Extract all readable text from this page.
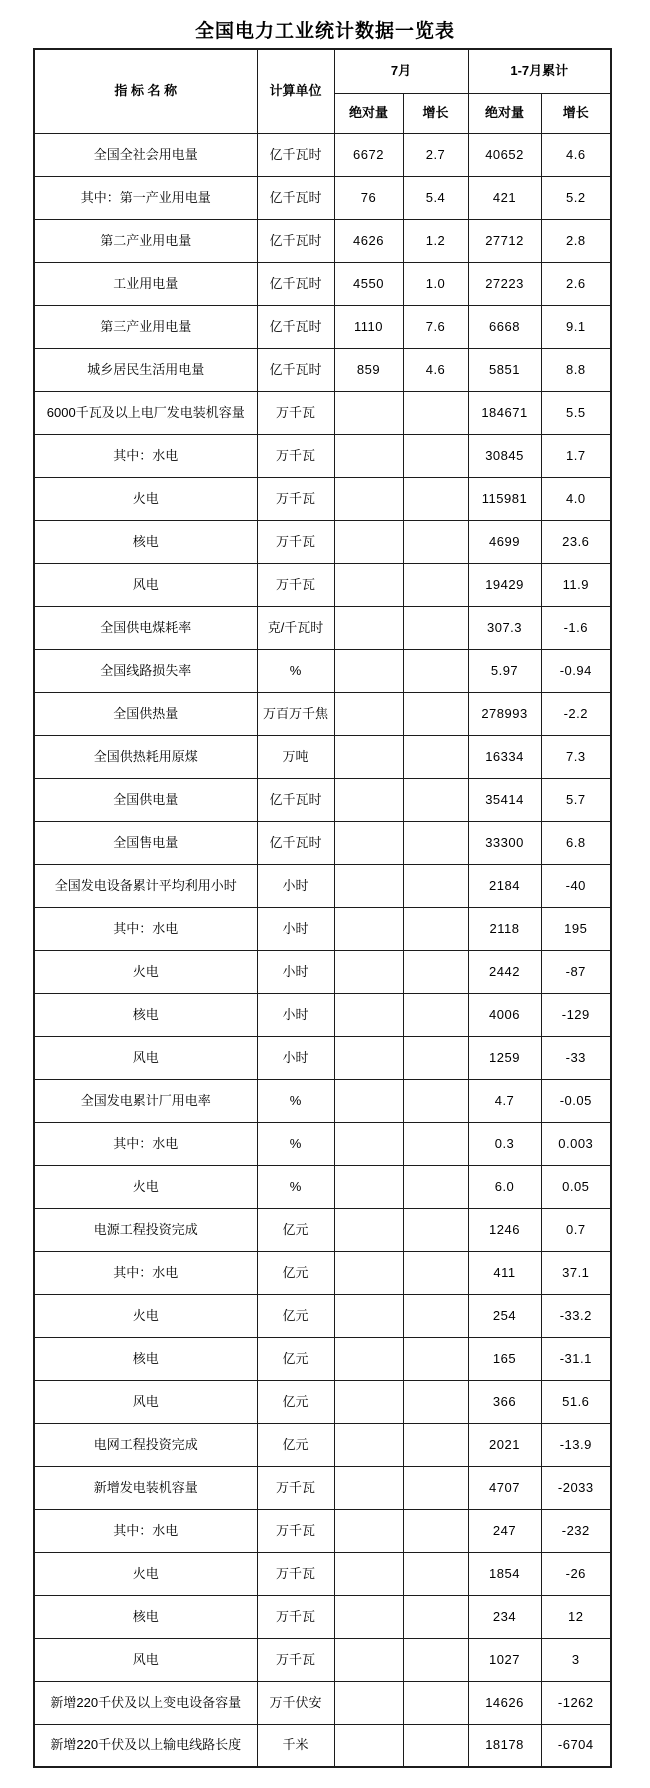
全国电力工业统计数据一览表
指 标 名 称	计算单位	7月		1-7月累计	
		绝对量	增长	绝对量	增长
全国全社会用电量	亿千瓦时	6672	2.7	40652	4.6
其中：第一产业用电量	亿千瓦时	76	5.4	421	5.2
第二产业用电量	亿千瓦时	4626	1.2	27712	2.8
工业用电量	亿千瓦时	4550	1.0	27223	2.6
第三产业用电量	亿千瓦时	1110	7.6	6668	9.1
城乡居民生活用电量	亿千瓦时	859	4.6	5851	8.8
6000千瓦及以上电厂发电装机容量	万千瓦			184671	5.5
其中：水电	万千瓦			30845	1.7
火电	万千瓦			115981	4.0
核电	万千瓦			4699	23.6
风电	万千瓦			19429	11.9
全国供电煤耗率	克/千瓦时			307.3	-1.6
全国线路损失率	%			5.97	-0.94
全国供热量	万百万千焦			278993	-2.2
全国供热耗用原煤	万吨			16334	7.3
全国供电量	亿千瓦时			35414	5.7
全国售电量	亿千瓦时			33300	6.8
全国发电设备累计平均利用小时	小时			2184	-40
其中：水电	小时			2118	195
火电	小时			2442	-87
核电	小时			4006	-129
风电	小时			1259	-33
全国发电累计厂用电率	%			4.7	-0.05
其中：水电	%			0.3	0.003
火电	%			6.0	0.05
电源工程投资完成	亿元			1246	0.7
其中：水电	亿元			411	37.1
火电	亿元			254	-33.2
核电	亿元			165	-31.1
风电	亿元			366	51.6
电网工程投资完成	亿元			2021	-13.9
新增发电装机容量	万千瓦			4707	-2033
其中：水电	万千瓦			247	-232
火电	万千瓦			1854	-26
核电	万千瓦			234	12
风电	万千瓦			1027	3
新增220千伏及以上变电设备容量	万千伏安			14626	-1262
新增220千伏及以上输电线路长度	千米			18178	-6704
